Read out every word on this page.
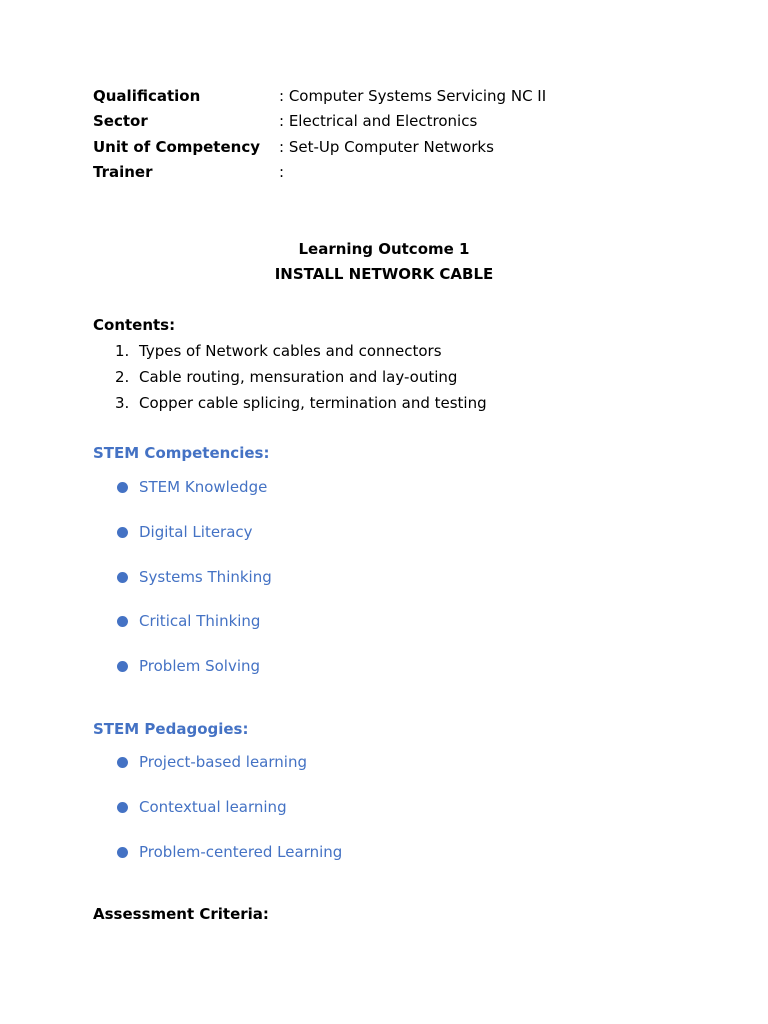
Qualification	: Computer Systems Servicing NC II
Sector	: Electrical and Electronics
Unit of Competency : Set-Up Computer Networks
Trainer	:
Learning Outcome 1
INSTALL NETWORK CABLE
Contents:
1. Types of Network cables and connectors
2. Cable routing, mensuration and lay-outing
3. Copper cable splicing, termination and testing
STEM Competencies:
STEM Knowledge
Digital Literacy
Systems Thinking
Critical Thinking
Problem Solving
STEM Pedagogies:
Project-based learning
Contextual learning
Problem-centered Learning
Assessment Criteria:
